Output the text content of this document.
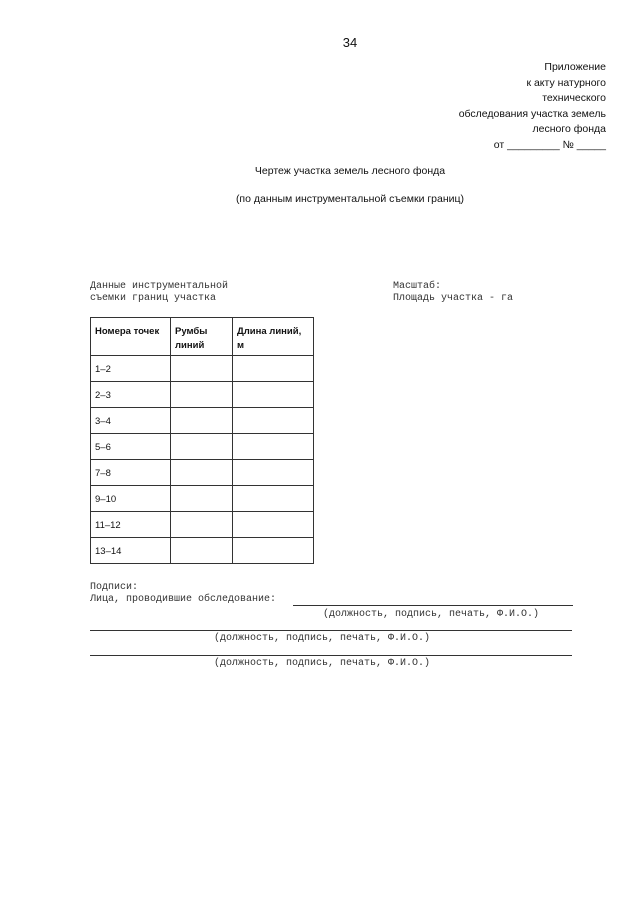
34
Приложение
к акту натурного
технического
обследования участка земель
лесного фонда
от _________ № _____
Чертеж участка земель лесного фонда
(по данным инструментальной съемки границ)
Данные инструментальной
съемки границ участка
Масштаб:
Площадь участка - га
Номера точек	Румбы линий	Длина линий, м
1–2		
2–3		
3–4		
5–6		
7–8		
9–10		
11–12		
13–14		
Подписи:
Лица, проводившие обследование:
(должность, подпись, печать, Ф.И.О.)
(должность, подпись, печать, Ф.И.О.)
(должность, подпись, печать, Ф.И.О.)
